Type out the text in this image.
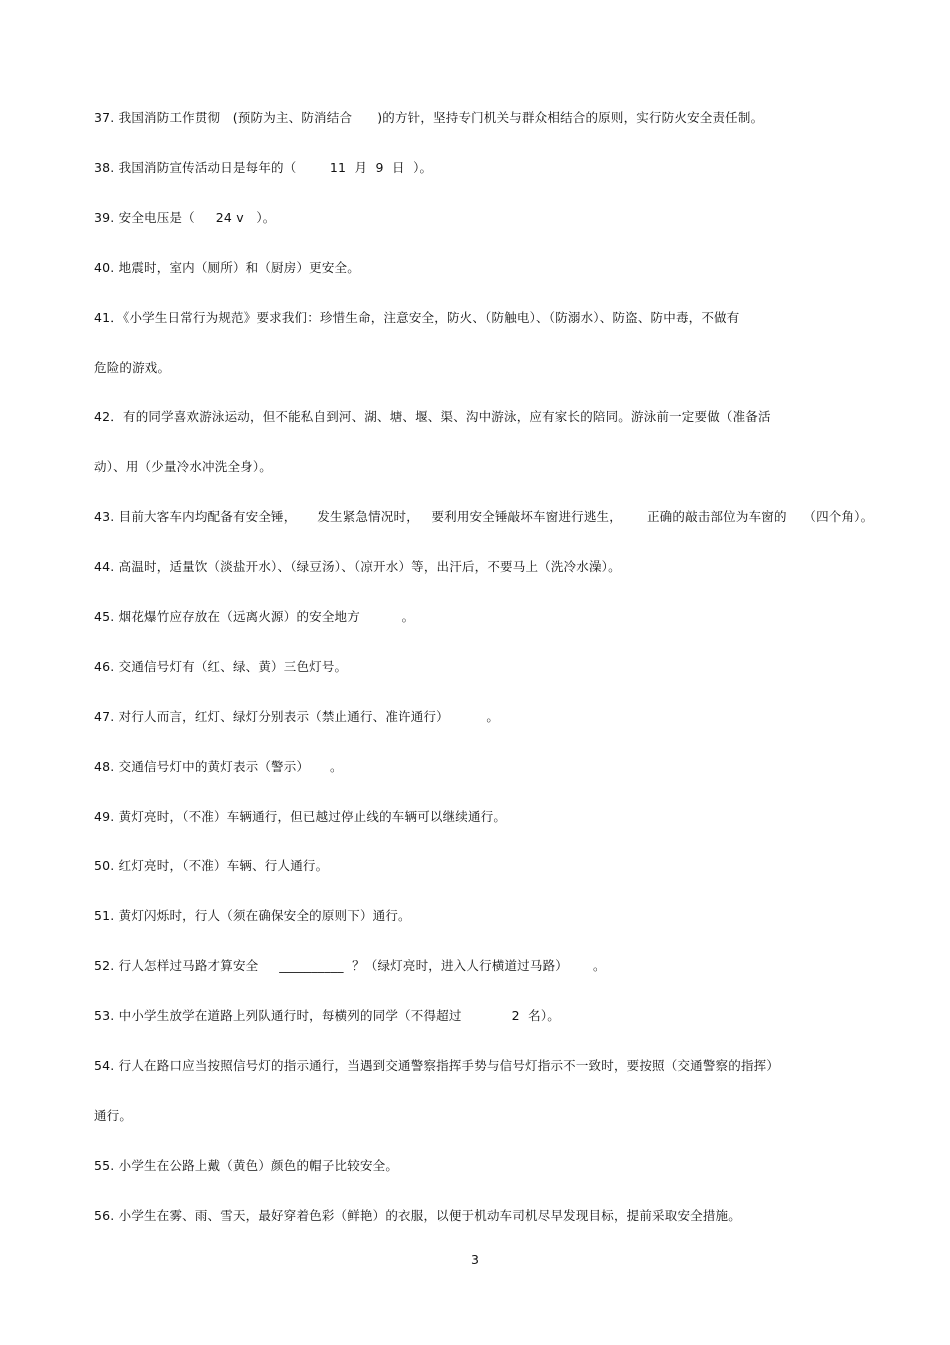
37. 我国消防工作贯彻   (预防为主、防消结合      )的方针，坚持专门机关与群众相结合的原则，实行防火安全责任制。
38. 我国消防宣传活动日是每年的（        11  月  9  日  ）。
39. 安全电压是（     24 v   ）。
40. 地震时，室内（厕所）和（厨房）更安全。
41．《小学生日常行为规范》要求我们：珍惜生命，注意安全，防火、（防触电）、（防溺水）、防盗、防中毒，不做有
危险的游戏。
42．有的同学喜欢游泳运动，但不能私自到河、湖、塘、堰、渠、沟中游泳，应有家长的陪同。游泳前一定要做（准备活
动）、用（少量冷水冲洗全身）。
43. 目前大客车内均配备有安全锤，     发生紧急情况时，   要利用安全锤敲坏车窗进行逃生，      正确的敲击部位为车窗的    （四个角）。
44. 高温时，适量饮（淡盐开水）、（绿豆汤）、（凉开水）等，出汗后，不要马上（洗冷水澡）。
45. 烟花爆竹应存放在（远离火源）的安全地方          。
46. 交通信号灯有（红、绿、黄）三色灯号。
47. 对行人而言，红灯、绿灯分别表示（禁止通行、准许通行）         。
48. 交通信号灯中的黄灯表示（警示）     。
49. 黄灯亮时，（不准）车辆通行，但已越过停止线的车辆可以继续通行。
50. 红灯亮时，（不准）车辆、行人通行。
51. 黄灯闪烁时，行人（须在确保安全的原则下）通行。
52. 行人怎样过马路才算安全     __________  ？（绿灯亮时，进入人行横道过马路）      。
53. 中小学生放学在道路上列队通行时，每横列的同学（不得超过            2  名）。
54. 行人在路口应当按照信号灯的指示通行，当遇到交通警察指挥手势与信号灯指示不一致时，要按照（交通警察的指挥）
通行。
55. 小学生在公路上戴（黄色）颜色的帽子比较安全。
56. 小学生在雾、雨、雪天，最好穿着色彩（鲜艳）的衣服，以便于机动车司机尽早发现目标，提前采取安全措施。
3
